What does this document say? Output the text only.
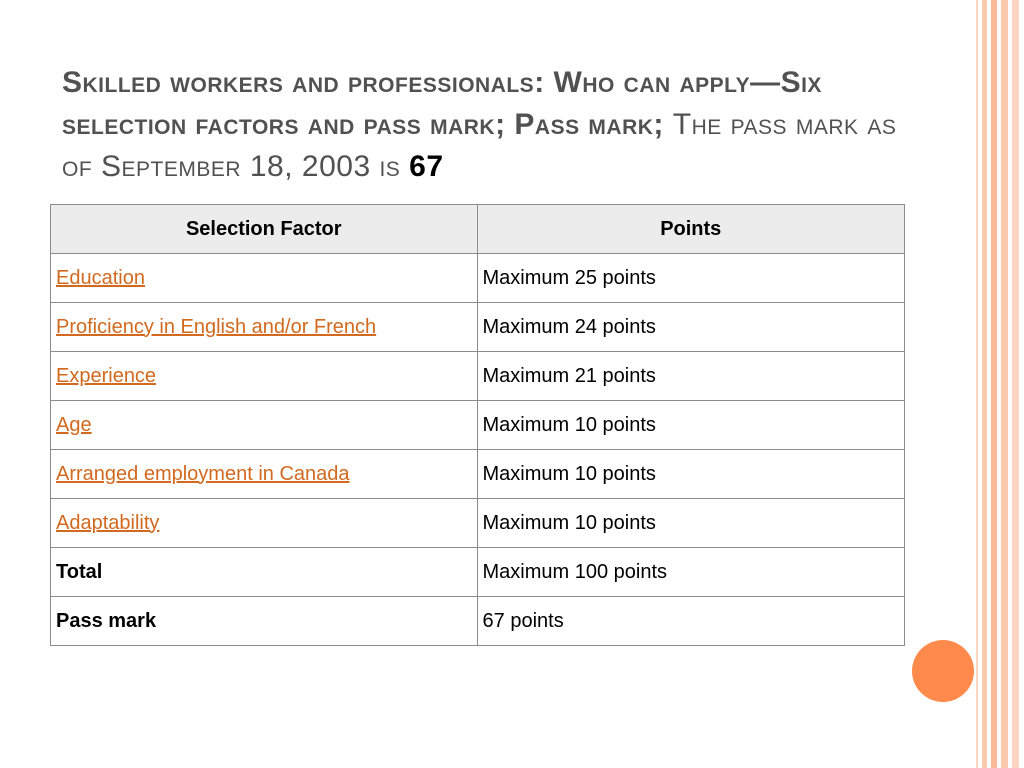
Skilled workers and professionals: Who can apply—Six selection factors and pass mark; Pass mark; The pass mark as of September 18, 2003 is 67
Selection Factor	Points
Education	Maximum 25 points
Proficiency in English and/or French	Maximum 24 points
Experience	Maximum 21 points
Age	Maximum 10 points
Arranged employment in Canada	Maximum 10 points
Adaptability	Maximum 10 points
Total	Maximum 100 points
Pass mark	67 points
